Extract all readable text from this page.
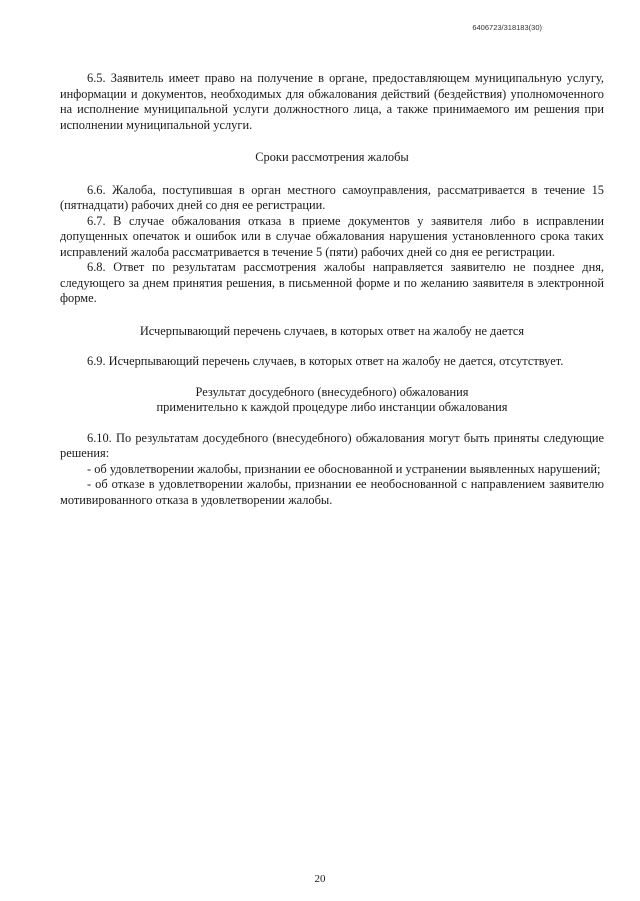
6406723/318183(30)

6.5. Заявитель имеет право на получение в органе, предоставляющем муниципальную услугу, информации и документов, необходимых для обжалования действий (бездействия) уполномоченного на исполнение муниципальной услуги должностного лица, а также принимаемого им решения при исполнении муниципальной услуги.

Сроки рассмотрения жалобы

6.6. Жалоба, поступившая в орган местного самоуправления, рассматривается в течение 15 (пятнадцати) рабочих дней со дня ее регистрации.

6.7. В случае обжалования отказа в приеме документов у заявителя либо в исправлении допущенных опечаток и ошибок или в случае обжалования нарушения установленного срока таких исправлений жалоба рассматривается в течение 5 (пяти) рабочих дней со дня ее регистрации.

6.8. Ответ по результатам рассмотрения жалобы направляется заявителю не позднее дня, следующего за днем принятия решения, в письменной форме и по желанию заявителя в электронной форме.

Исчерпывающий перечень случаев, в которых ответ на жалобу не дается

6.9. Исчерпывающий перечень случаев, в которых ответ на жалобу не дается, отсутствует.

Результат досудебного (внесудебного) обжалования

применительно к каждой процедуре либо инстанции обжалования

6.10. По результатам досудебного (внесудебного) обжалования могут быть приняты следующие решения:

- об удовлетворении жалобы, признании ее обоснованной и устранении выявленных нарушений;

- об отказе в удовлетворении жалобы, признании ее необоснованной с направлением заявителю мотивированного отказа в удовлетворении жалобы.

20
